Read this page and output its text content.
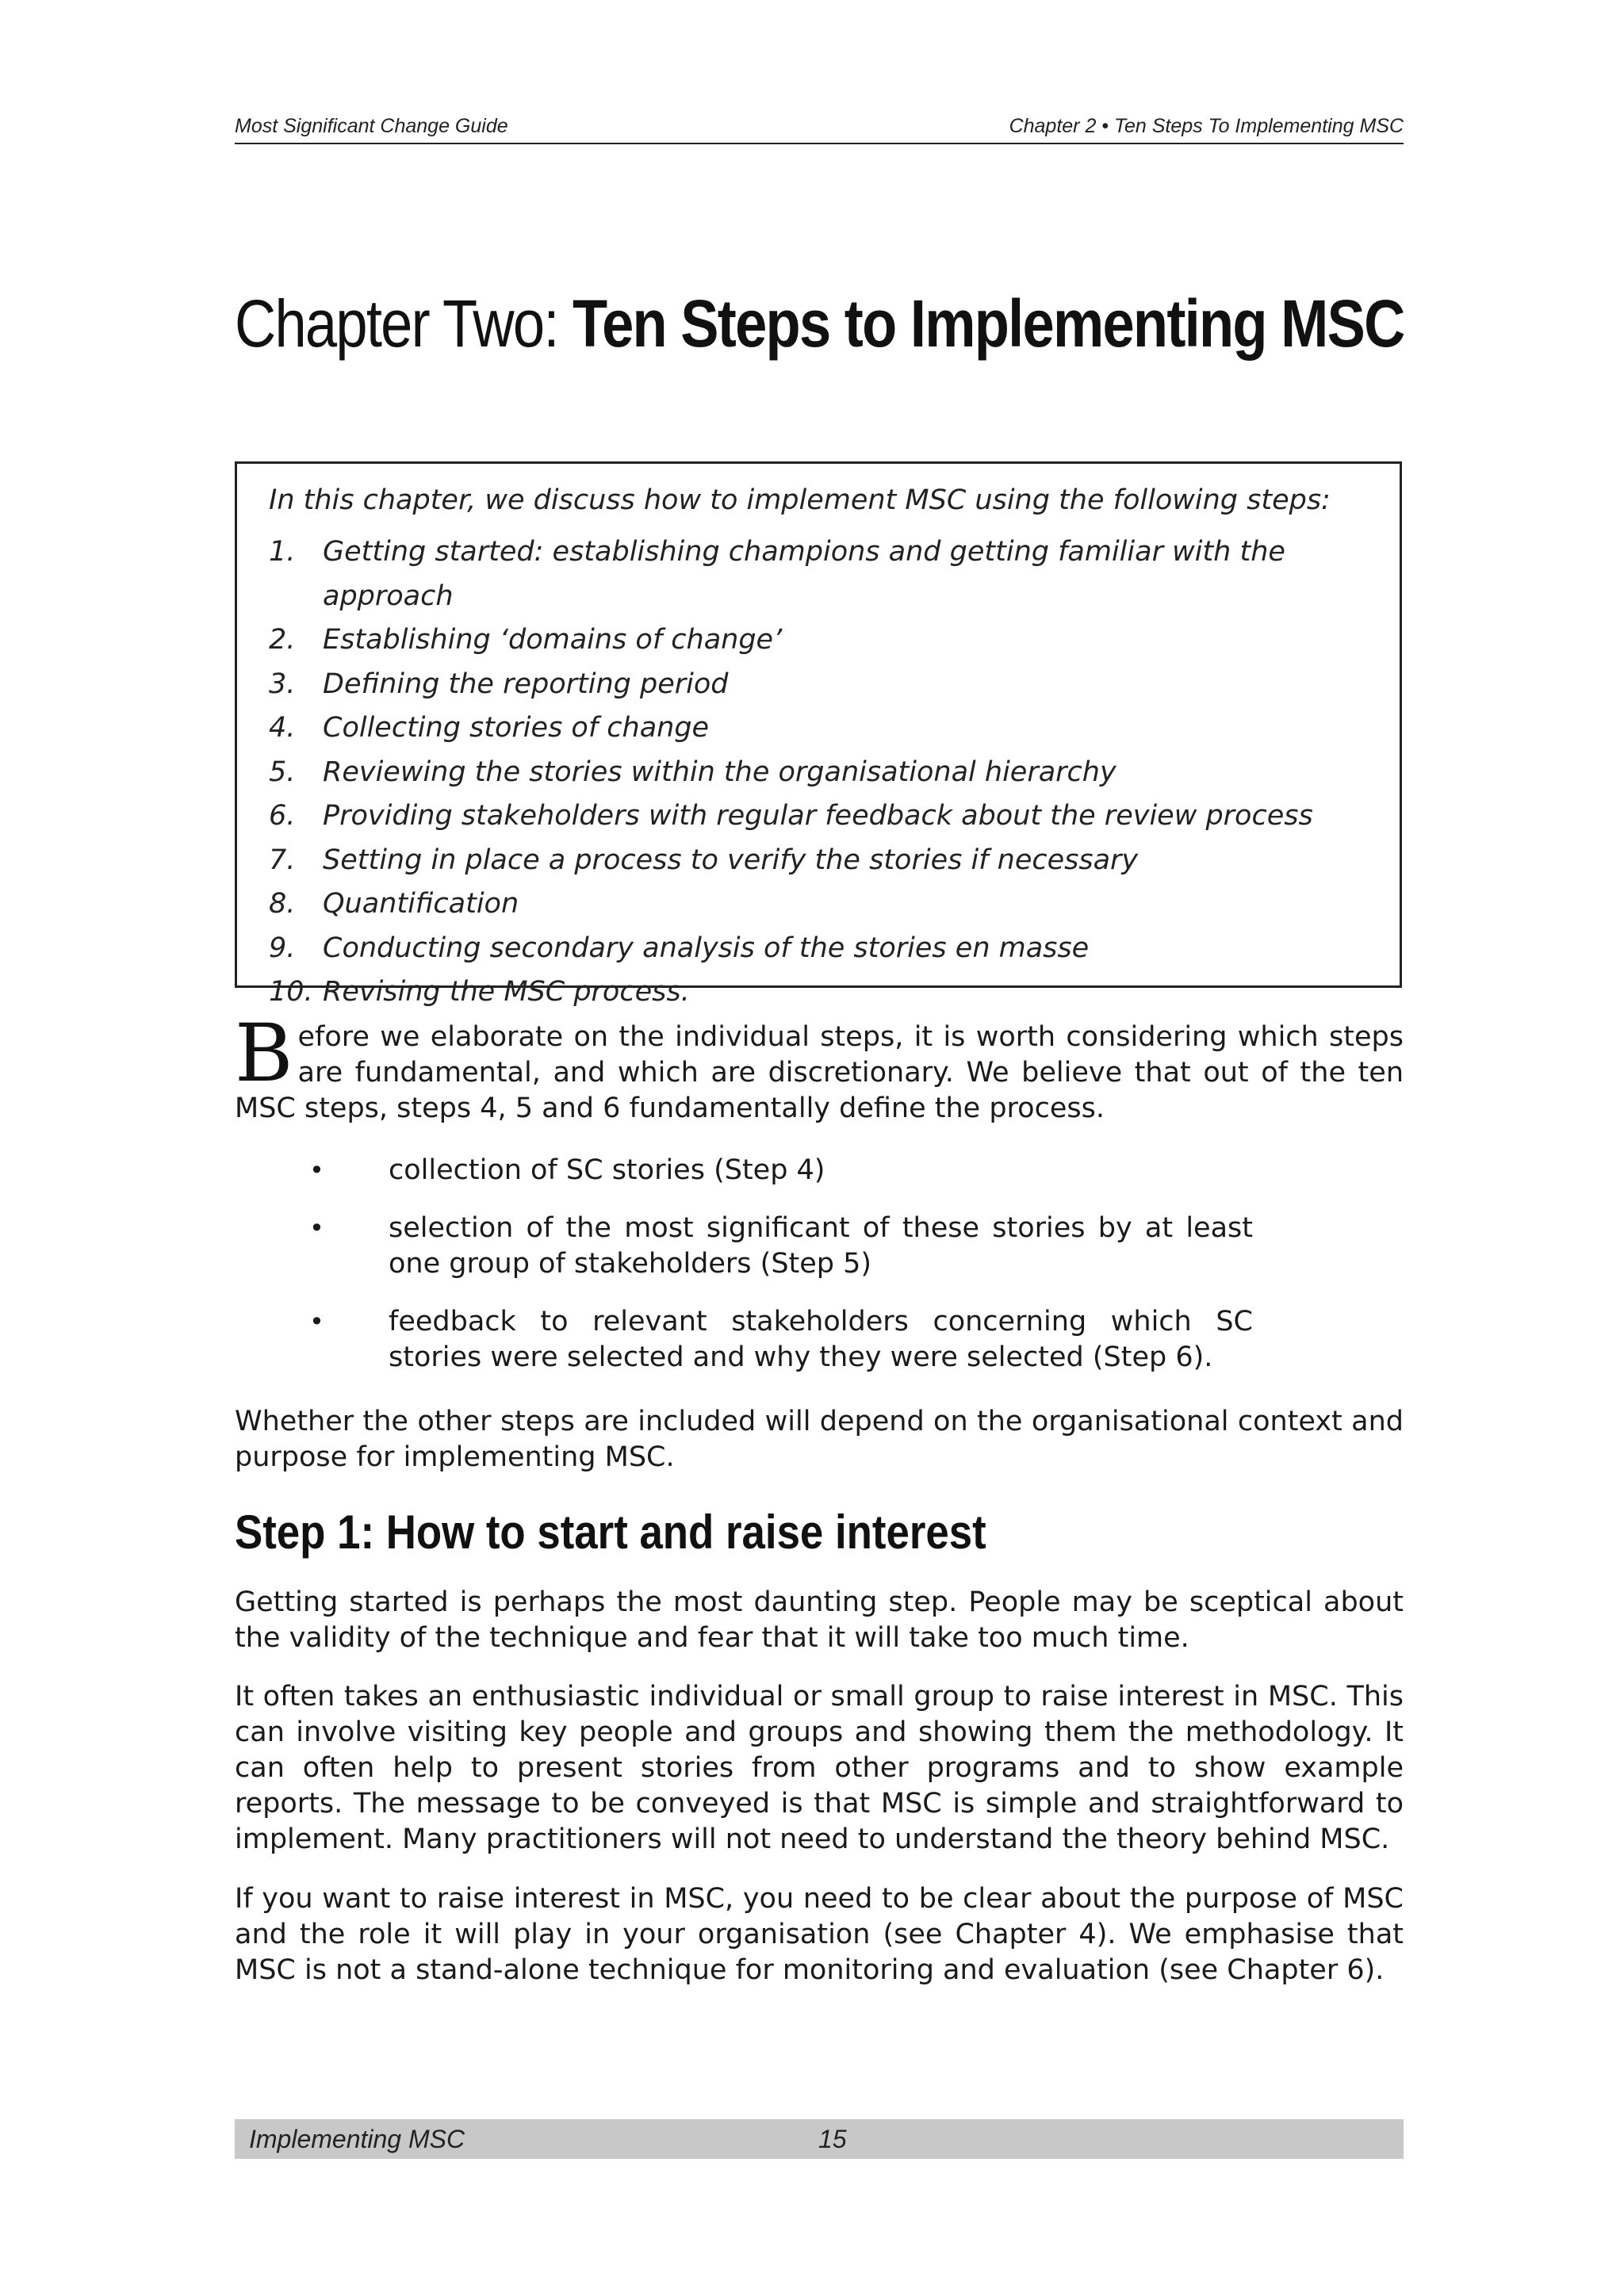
Most Significant Change Guide	Chapter 2 • Ten Steps To Implementing MSC
Chapter Two: Ten Steps to Implementing MSC

In this chapter, we discuss how to implement MSC using the following steps:

1. Getting started: establishing champions and getting familiar with the approach
2. Establishing ‘domains of change’
3. Defining the reporting period
4. Collecting stories of change
5. Reviewing the stories within the organisational hierarchy
6. Providing stakeholders with regular feedback about the review process
7. Setting in place a process to verify the stories if necessary
8. Quantification
9. Conducting secondary analysis of the stories en masse
10. Revising the MSC process.

Before we elaborate on the individual steps, it is worth considering which steps are fundamental, and which are discretionary. We believe that out of the ten MSC steps, steps 4, 5 and 6 fundamentally define the process.

•	collection of SC stories (Step 4)
•	selection of the most significant of these stories by at least one group of stakeholders (Step 5)
•	feedback to relevant stakeholders concerning which SC stories were selected and why they were selected (Step 6).

Whether the other steps are included will depend on the organisational context and purpose for implementing MSC.

Step 1: How to start and raise interest

Getting started is perhaps the most daunting step. People may be sceptical about the validity of the technique and fear that it will take too much time.

It often takes an enthusiastic individual or small group to raise interest in MSC. This can involve visiting key people and groups and showing them the methodology. It can often help to present stories from other programs and to show example reports. The message to be conveyed is that MSC is simple and straightforward to implement. Many practitioners will not need to understand the theory behind MSC.

If you want to raise interest in MSC, you need to be clear about the purpose of MSC and the role it will play in your organisation (see Chapter 4). We emphasise that MSC is not a stand-alone technique for monitoring and evaluation (see Chapter 6).

Implementing MSC	15
